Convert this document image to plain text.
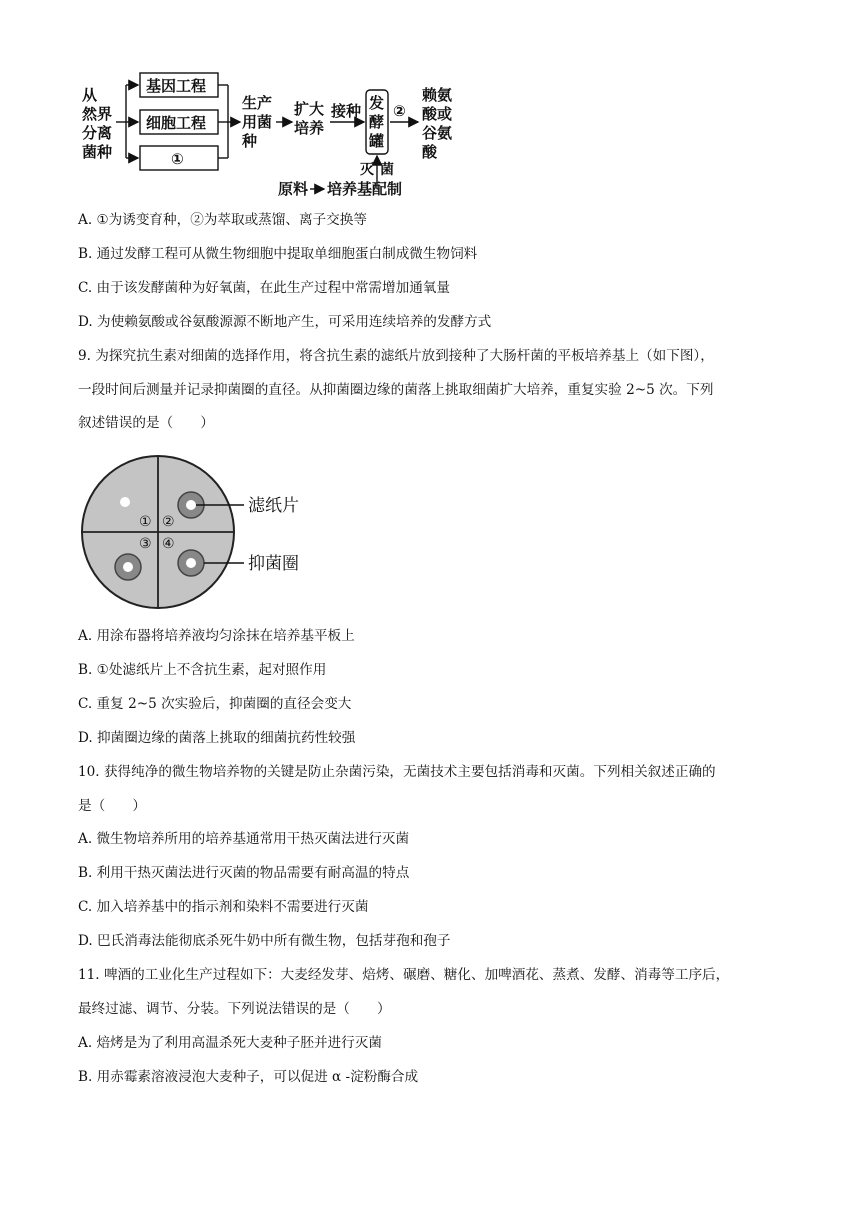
从
然界
分离
菌种
基因工程
细胞工程
①
生产
用菌
种
扩大
培养
接种 发
酵
罐
②
赖氨
酸或
谷氨
酸
灭 菌
原料 培养基配制
A. ①为诱变育种，②为萃取或蒸馏、离子交换等
B. 通过发酵工程可从微生物细胞中提取单细胞蛋白制成微生物饲料
C. 由于该发酵菌种为好氧菌，在此生产过程中常需增加通氧量
D. 为使赖氨酸或谷氨酸源源不断地产生，可采用连续培养的发酵方式
9. 为探究抗生素对细菌的选择作用，将含抗生素的滤纸片放到接种了大肠杆菌的平板培养基上（如下图），
一段时间后测量并记录抑菌圈的直径。从抑菌圈边缘的菌落上挑取细菌扩大培养，重复实验 2~5 次。下列
叙述错误的是（　　）
① ②
③ ④
滤纸片
抑菌圈
A. 用涂布器将培养液均匀涂抹在培养基平板上
B. ①处滤纸片上不含抗生素，起对照作用
C. 重复 2~5 次实验后，抑菌圈的直径会变大
D. 抑菌圈边缘的菌落上挑取的细菌抗药性较强
10. 获得纯净的微生物培养物的关键是防止杂菌污染，无菌技术主要包括消毒和灭菌。下列相关叙述正确的
是（　　）
A. 微生物培养所用的培养基通常用干热灭菌法进行灭菌
B. 利用干热灭菌法进行灭菌的物品需要有耐高温的特点
C. 加入培养基中的指示剂和染料不需要进行灭菌
D. 巴氏消毒法能彻底杀死牛奶中所有微生物，包括芽孢和孢子
11. 啤酒的工业化生产过程如下：大麦经发芽、焙烤、碾磨、糖化、加啤酒花、蒸煮、发酵、消毒等工序后，
最终过滤、调节、分装。下列说法错误的是（　　）
A. 焙烤是为了利用高温杀死大麦种子胚并进行灭菌
B. 用赤霉素溶液浸泡大麦种子，可以促进 α -淀粉酶合成
